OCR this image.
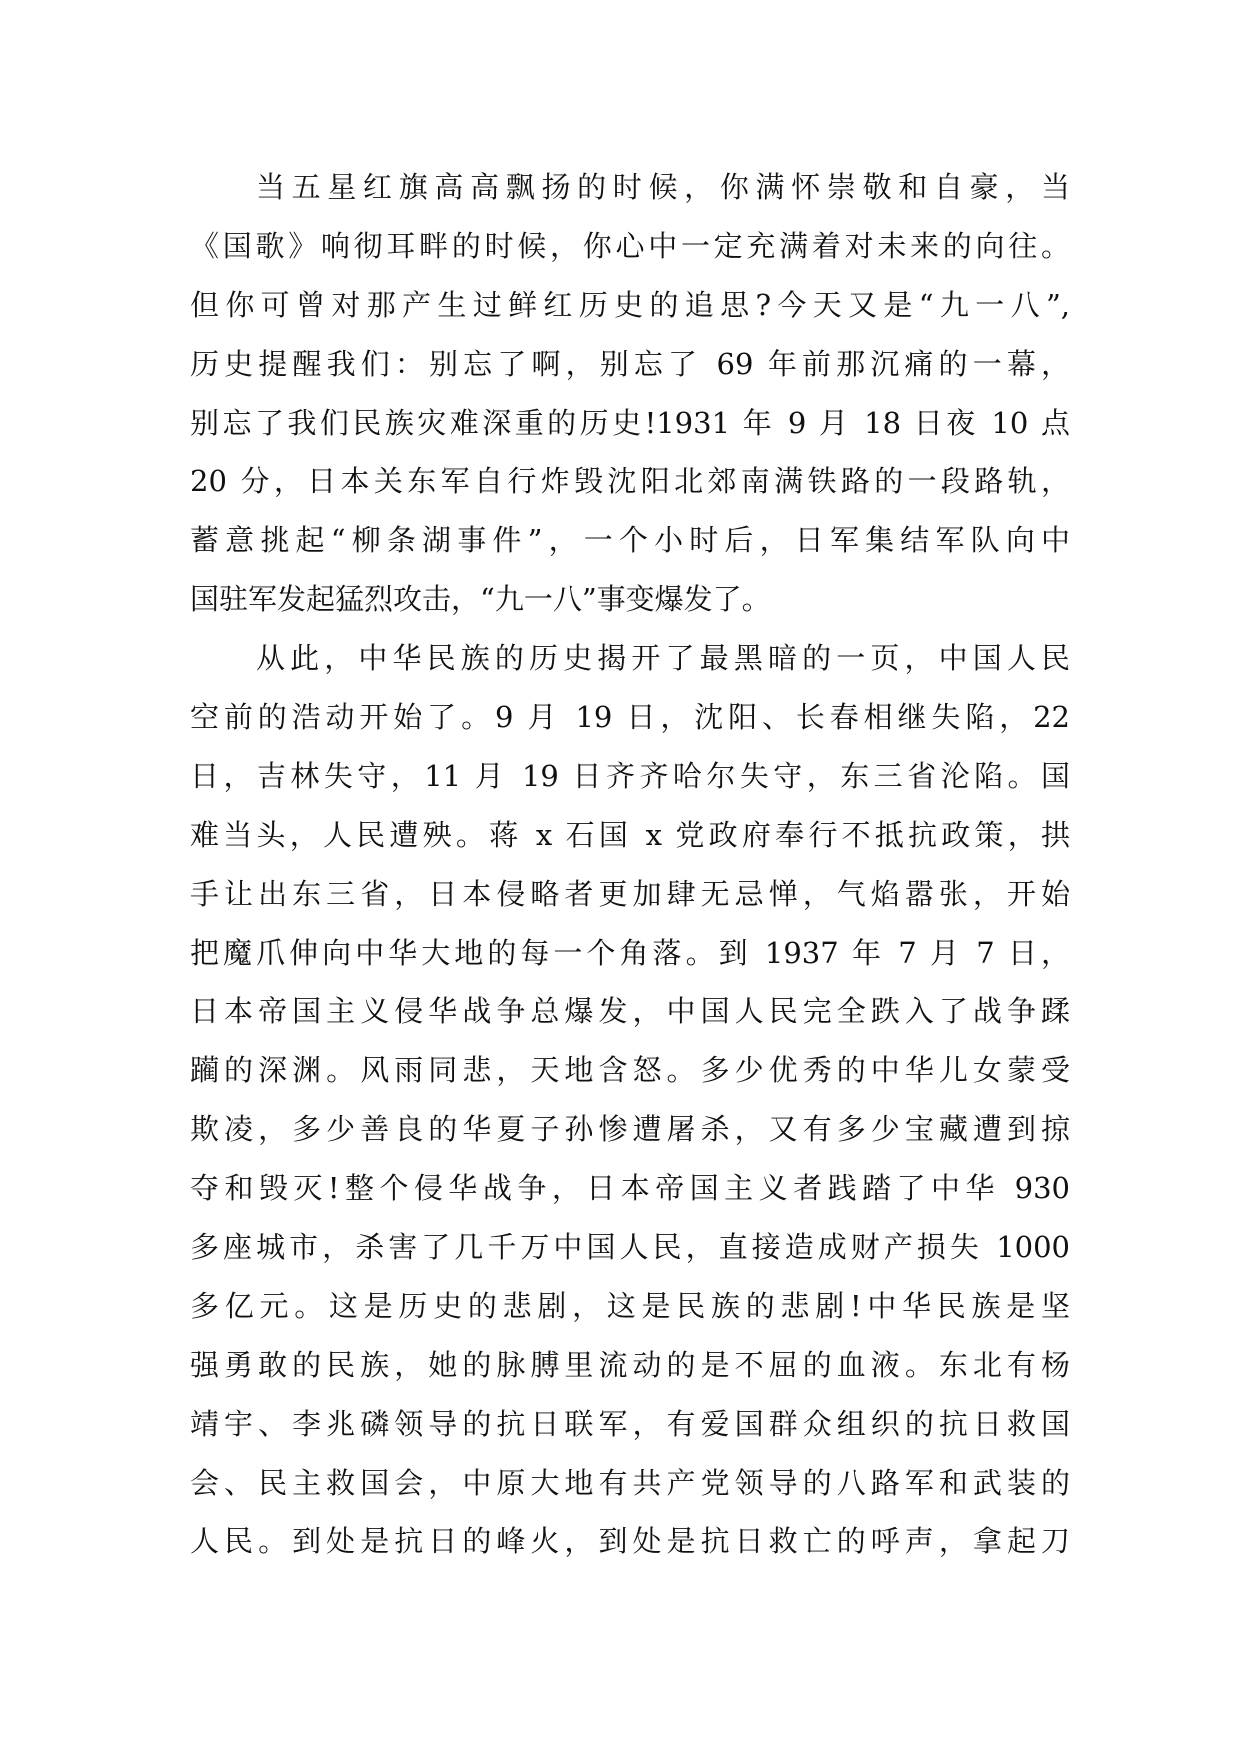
当五星红旗高高飘扬的时候，你满怀崇敬和自豪，当
《国歌》响彻耳畔的时候，你心中一定充满着对未来的向往。
但你可曾对那产生过鲜红历史的追思?今天又是“九一八”,
历史提醒我们：别忘了啊，别忘了 69 年前那沉痛的一幕，
别忘了我们民族灾难深重的历史!1931 年 9 月 18 日夜 10 点
20 分，日本关东军自行炸毁沈阳北郊南满铁路的一段路轨，
蓄意挑起“柳条湖事件”，一个小时后，日军集结军队向中
国驻军发起猛烈攻击，“九一八”事变爆发了。
从此，中华民族的历史揭开了最黑暗的一页，中国人民
空前的浩动开始了。9 月 19 日，沈阳、长春相继失陷，22
日，吉林失守，11 月 19 日齐齐哈尔失守，东三省沦陷。国
难当头，人民遭殃。蒋 x 石国 x 党政府奉行不抵抗政策，拱
手让出东三省，日本侵略者更加肆无忌惮，气焰嚣张，开始
把魔爪伸向中华大地的每一个角落。到 1937 年 7 月 7 日，
日本帝国主义侵华战争总爆发，中国人民完全跌入了战争蹂
躏的深渊。风雨同悲，天地含怒。多少优秀的中华儿女蒙受
欺凌，多少善良的华夏子孙惨遭屠杀，又有多少宝藏遭到掠
夺和毁灭!整个侵华战争，日本帝国主义者践踏了中华 930
多座城市，杀害了几千万中国人民，直接造成财产损失 1000
多亿元。这是历史的悲剧，这是民族的悲剧!中华民族是坚
强勇敢的民族，她的脉膊里流动的是不屈的血液。东北有杨
靖宇、李兆磷领导的抗日联军，有爱国群众组织的抗日救国
会、民主救国会，中原大地有共产党领导的八路军和武装的
人民。到处是抗日的峰火，到处是抗日救亡的呼声，拿起刀
